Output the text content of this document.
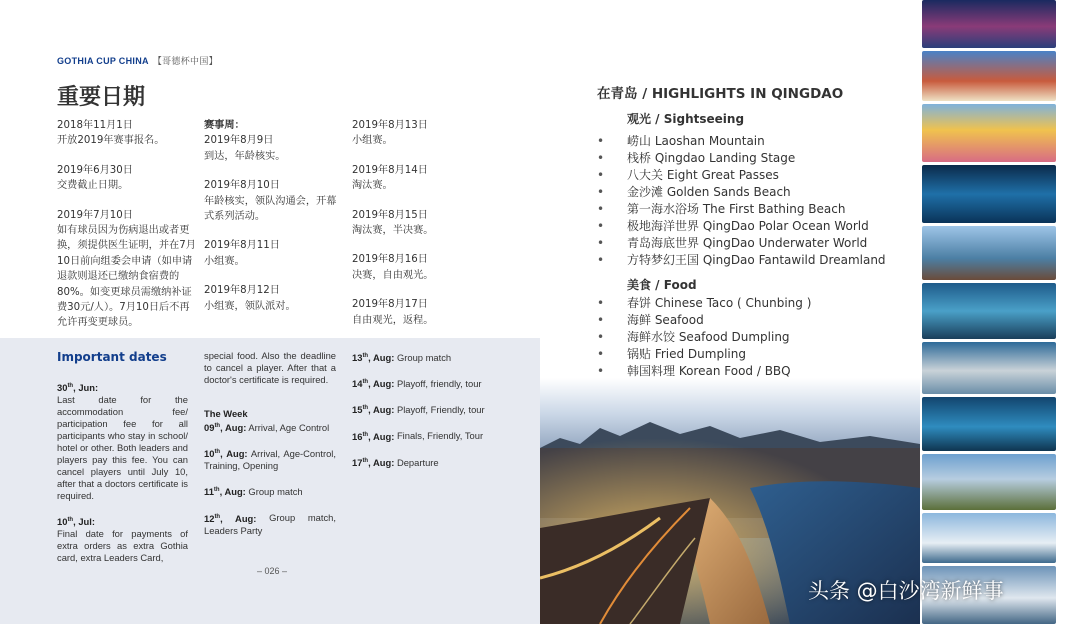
GOTHIA CUP CHINA 【哥德杯中国】
重要日期

2018年11月1日
开放2019年赛事报名。

2019年6月30日
交费截止日期。

2019年7月10日
如有球员因为伤病退出或者更换，须提供医生证明，并在7月10日前向组委会申请（如申请退款则退还已缴纳食宿费的80%。如变更球员需缴纳补证费30元/人）。7月10日后不再允许再变更球员。

赛事周：
2019年8月9日
到达，年龄核实。

2019年8月10日
年龄核实，领队沟通会，开幕式系列活动。

2019年8月11日
小组赛。

2019年8月12日
小组赛，领队派对。

2019年8月13日
小组赛。

2019年8月14日
淘汰赛。

2019年8月15日
淘汰赛，半决赛。

2019年8月16日
决赛，自由观光。

2019年8月17日
自由观光，返程。

Important dates

30th, Jun:
Last date for the accommodation fee/ participation fee for all participants who stay in school/ hotel or other. Both leaders and players pay this fee. You can cancel players until July 10, after that a doctors certificate is required.

10th, Jul:
Final date for payments of extra orders as extra Gothia card, extra Leaders Card,

special food. Also the deadline to cancel a player. After that a doctor's certificate is required.

The Week

09th, Aug: Arrival, Age Control

10th, Aug: Arrival, Age-Control, Training, Opening

11th, Aug: Group match

12th, Aug: Group match, Leaders Party

13th, Aug: Group match

14th, Aug: Playoff, friendly, tour

15th, Aug: Playoff, Friendly, tour

16th, Aug: Finals, Friendly, Tour

17th, Aug: Departure

– 026 –
在青岛 / HIGHLIGHTS IN QINGDAO
观光 / Sightseeing
• 崂山 Laoshan Mountain
• 栈桥 Qingdao Landing Stage
• 八大关 Eight Great Passes
• 金沙滩 Golden Sands Beach
• 第一海水浴场 The First Bathing Beach
• 极地海洋世界 QingDao Polar Ocean World
• 青岛海底世界 QingDao Underwater World
• 方特梦幻王国 QingDao Fantawild Dreamland
美食 / Food
• 春饼 Chinese Taco ( Chunbing )
• 海鲜 Seafood
• 海鲜水饺 Seafood Dumpling
• 锅贴 Fried Dumpling
• 韩国料理 Korean Food / BBQ
头条 @白沙湾新鲜事
